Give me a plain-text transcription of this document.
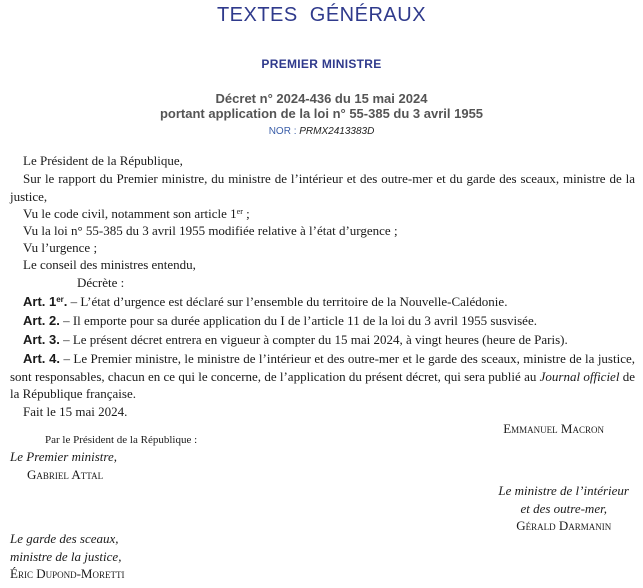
TEXTES GÉNÉRAUX
PREMIER MINISTRE
Décret n° 2024-436 du 15 mai 2024
portant application de la loi n° 55-385 du 3 avril 1955
NOR : PRMX2413383D
Le Président de la République,
Sur le rapport du Premier ministre, du ministre de l’intérieur et des outre-mer et du garde des sceaux, ministre de la justice,
Vu le code civil, notamment son article 1er ;
Vu la loi n° 55-385 du 3 avril 1955 modifiée relative à l’état d’urgence ;
Vu l’urgence ;
Le conseil des ministres entendu,
Décrète :
Art. 1er. – L’état d’urgence est déclaré sur l’ensemble du territoire de la Nouvelle-Calédonie.
Art. 2. – Il emporte pour sa durée application du I de l’article 11 de la loi du 3 avril 1955 susvisée.
Art. 3. – Le présent décret entrera en vigueur à compter du 15 mai 2024, à vingt heures (heure de Paris).
Art. 4. – Le Premier ministre, le ministre de l’intérieur et des outre-mer et le garde des sceaux, ministre de la justice, sont responsables, chacun en ce qui le concerne, de l’application du présent décret, qui sera publié au Journal officiel de la République française.
Fait le 15 mai 2024.
Emmanuel Macron
Par le Président de la République :
Le Premier ministre,
Gabriel Attal
Le ministre de l’intérieur
et des outre-mer,
Gérald Darmanin
Le garde des sceaux,
ministre de la justice,
Éric Dupond-Moretti
